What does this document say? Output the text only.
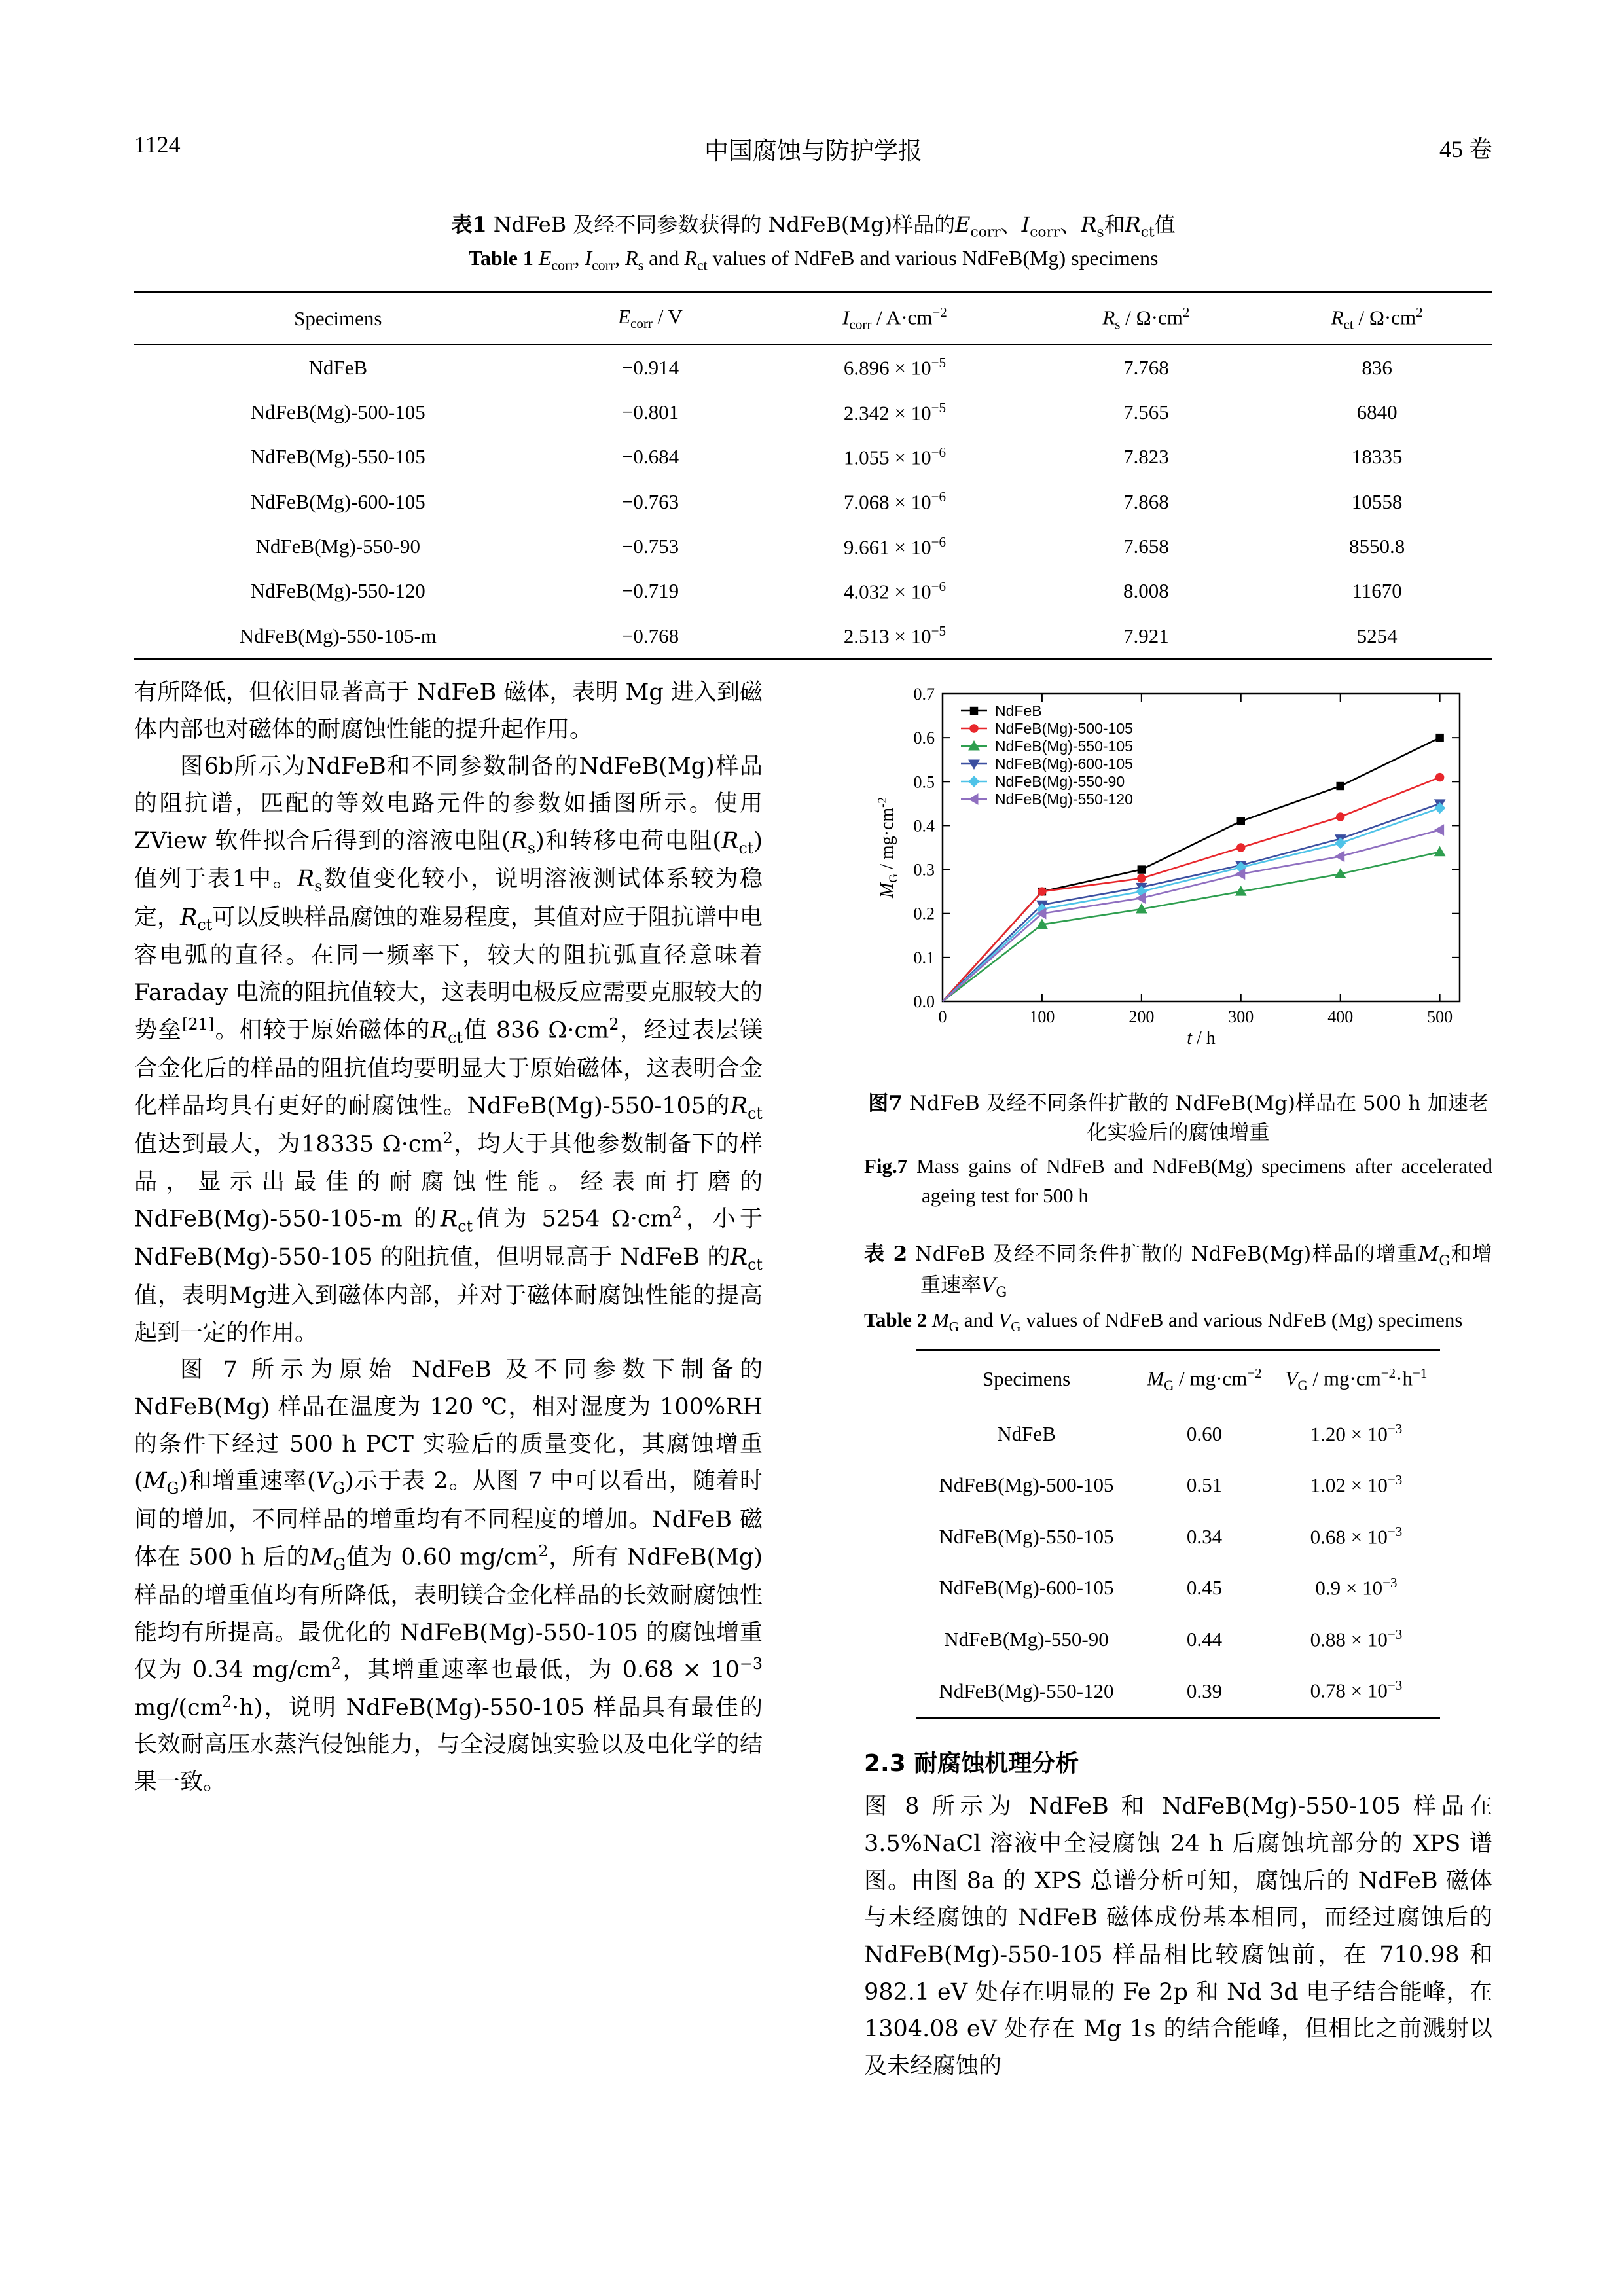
1124	中国腐蚀与防护学报	45 卷
表1 NdFeB 及经不同参数获得的 NdFeB(Mg)样品的$E_{corr}$、$I_{corr}$、$R_s$和$R_{ct}$值
Table 1 $E_{corr}$, $I_{corr}$, $R_s$ and $R_{ct}$ values of NdFeB and various NdFeB(Mg) specimens
Specimens	$E_{corr}$ / V	$I_{corr} / A\cdot cm^{-2}$	$R_s / \Omega\cdot cm^2$	$R_{ct} / \Omega\cdot cm^2$
NdFeB	−0.914	$6.896 \times 10^{-5}$	7.768	836
NdFeB(Mg)-500-105	−0.801	$2.342 \times 10^{-5}$	7.565	6840
NdFeB(Mg)-550-105	−0.684	$1.055 \times 10^{-6}$	7.823	18335
NdFeB(Mg)-600-105	−0.763	$7.068 \times 10^{-6}$	7.868	10558
NdFeB(Mg)-550-90	−0.753	$9.661 \times 10^{-6}$	7.658	8550.8
NdFeB(Mg)-550-120	−0.719	$4.032 \times 10^{-6}$	8.008	11670
NdFeB(Mg)-550-105-m	−0.768	$2.513 \times 10^{-5}$	7.921	5254

有所降低，但依旧显著高于 NdFeB 磁体，表明 Mg 进入到磁体内部也对磁体的耐腐蚀性能的提升起作用。

图6b所示为NdFeB和不同参数制备的NdFeB(Mg)样品的阻抗谱，匹配的等效电路元件的参数如插图所示。使用 ZView 软件拟合后得到的溶液电阻$(R_s)$和转移电荷电阻$(R_{ct})$值列于表1中。$R_s$数值变化较小，说明溶液测试体系较为稳定，$R_{ct}$可以反映样品腐蚀的难易程度，其值对应于阻抗谱中电容电弧的直径。在同一频率下，较大的阻抗弧直径意味着 Faraday 电流的阻抗值较大，这表明电极反应需要克服较大的势垒[21]。相较于原始磁体的$R_{ct}$值 836 $\Omega\cdot cm^2$，经过表层镁合金化后的样品的阻抗值均要明显大于原始磁体，这表明合金化样品均具有更好的耐腐蚀性。NdFeB(Mg)-550-105的$R_{ct}$值达到最大，为18335 $\Omega\cdot cm^2$，均大于其他参数制备下的样品，显示出最佳的耐腐蚀性能。经表面打磨的 NdFeB(Mg)-550-105-m 的$R_{ct}$值为 5254 $\Omega\cdot cm^2$，小于 NdFeB(Mg)-550-105 的阻抗值，但明显高于 NdFeB 的$R_{ct}$值，表明Mg进入到磁体内部，并对于磁体耐腐蚀性能的提高起到一定的作用。

图 7 所示为原始 NdFeB 及不同参数下制备的 NdFeB(Mg) 样品在温度为 120 ℃，相对湿度为 100%RH 的条件下经过 500 h PCT 实验后的质量变化，其腐蚀增重$(M_G)$和增重速率$(V_G)$示于表 2。从图 7 中可以看出，随着时间的增加，不同样品的增重均有不同程度的增加。NdFeB 磁体在 500 h 后的$M_G$值为 0.60 $mg/cm^2$，所有 NdFeB(Mg)样品的增重值均有所降低，表明镁合金化样品的长效耐腐蚀性能均有所提高。最优化的 NdFeB(Mg)-550-105 的腐蚀增重仅为 0.34 $mg/cm^2$，其增重速率也最低，为 $0.68 \times 10^{-3}$ $mg/(cm^2\cdot h)$，说明 NdFeB(Mg)-550-105 样品具有最佳的长效耐高压水蒸汽侵蚀能力，与全浸腐蚀实验以及电化学的结果一致。

0	100	200	300	400	500
0.0
0.1
0.2
0.3
0.4
0.5
0.6
0.7
NdFeB
NdFeB(Mg)-500-105
NdFeB(Mg)-550-105
NdFeB(Mg)-600-105
NdFeB(Mg)-550-90
NdFeB(Mg)-550-120
t / h
$M_G / mg\cdot cm^{-2}$
图7 NdFeB 及经不同条件扩散的 NdFeB(Mg)样品在 500 h 加速老化实验后的腐蚀增重
Fig.7 Mass gains of NdFeB and NdFeB(Mg) specimens after accelerated ageing test for 500 h
表 2 NdFeB 及经不同条件扩散的 NdFeB(Mg)样品的增重$M_G$和增重速率$V_G$
Table 2 $M_G$ and $V_G$ values of NdFeB and various NdFeB (Mg) specimens
Specimens	$M_G / mg\cdot cm^{-2}$	$V_G / mg\cdot cm^{-2}\cdot h^{-1}$
NdFeB	0.60	$1.20 \times 10^{-3}$
NdFeB(Mg)-500-105	0.51	$1.02 \times 10^{-3}$
NdFeB(Mg)-550-105	0.34	$0.68 \times 10^{-3}$
NdFeB(Mg)-600-105	0.45	$0.9 \times 10^{-3}$
NdFeB(Mg)-550-90	0.44	$0.88 \times 10^{-3}$
NdFeB(Mg)-550-120	0.39	$0.78 \times 10^{-3}$
2.3 耐腐蚀机理分析

图 8 所示为 NdFeB 和 NdFeB(Mg)-550-105 样品在 3.5%NaCl 溶液中全浸腐蚀 24 h 后腐蚀坑部分的 XPS 谱图。由图 8a 的 XPS 总谱分析可知，腐蚀后的 NdFeB 磁体与未经腐蚀的 NdFeB 磁体成份基本相同，而经过腐蚀后的 NdFeB(Mg)-550-105 样品相比较腐蚀前，在 710.98 和 982.1 eV 处存在明显的 Fe 2p 和 Nd 3d 电子结合能峰，在 1304.08 eV 处存在 Mg 1s 的结合能峰，但相比之前溅射以及未经腐蚀的
